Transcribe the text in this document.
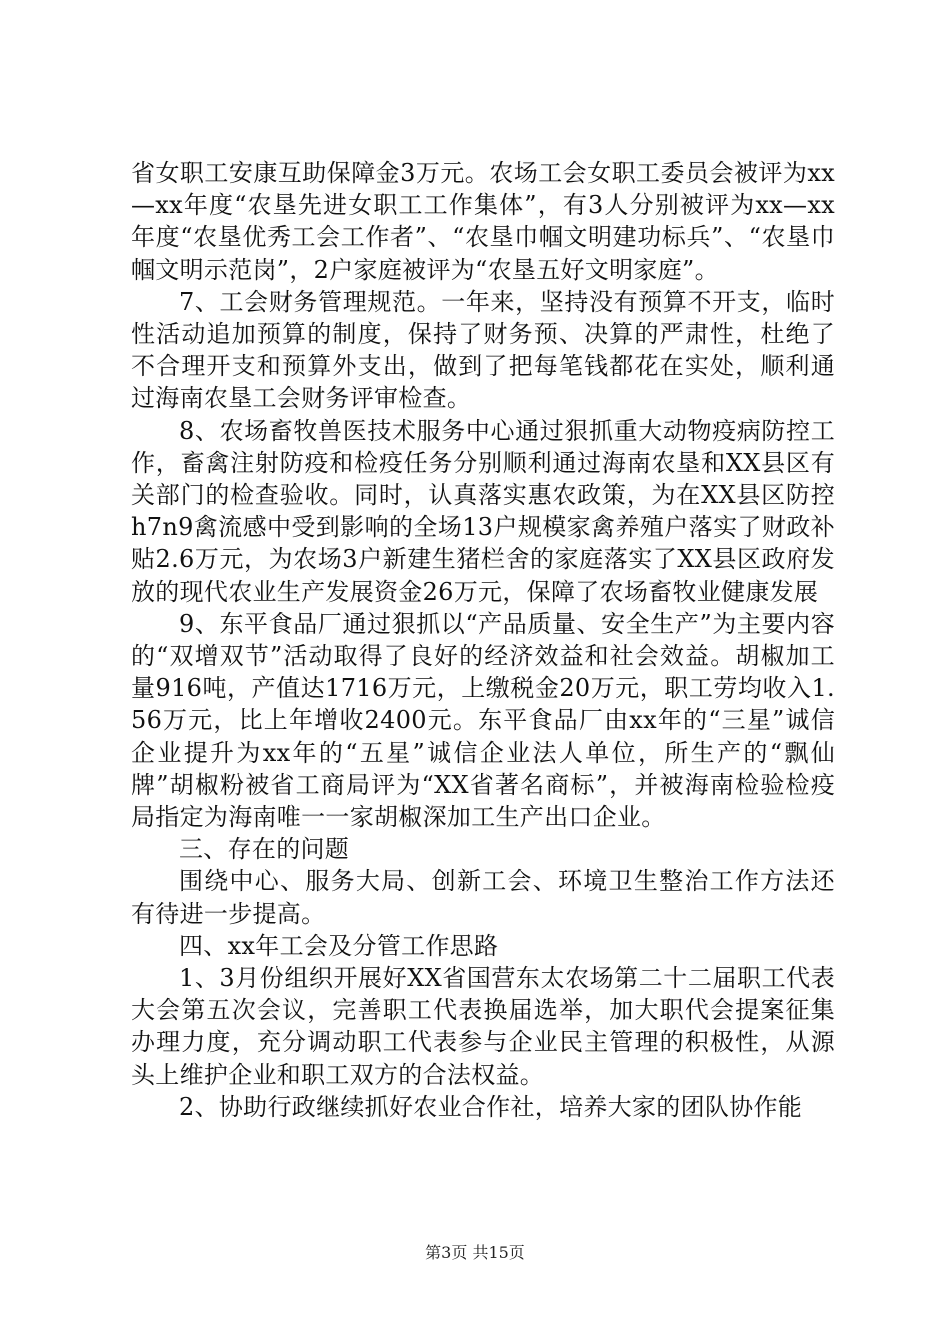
省女职工安康互助保障金3万元。农场工会女职工委员会被评为xx—xx年度“农垦先进女职工工作集体”，有3人分别被评为xx—xx年度“农垦优秀工会工作者”、“农垦巾帼文明建功标兵”、“农垦巾帼文明示范岗”，2户家庭被评为“农垦五好文明家庭”。

7、工会财务管理规范。一年来，坚持没有预算不开支，临时性活动追加预算的制度，保持了财务预、决算的严肃性，杜绝了不合理开支和预算外支出，做到了把每笔钱都花在实处，顺利通过海南农垦工会财务评审检查。

8、农场畜牧兽医技术服务中心通过狠抓重大动物疫病防控工作，畜禽注射防疫和检疫任务分别顺利通过海南农垦和XX县区有关部门的检查验收。同时，认真落实惠农政策，为在XX县区防控h7n9禽流感中受到影响的全场13户规模家禽养殖户落实了财政补贴2.6万元，为农场3户新建生猪栏舍的家庭落实了XX县区政府发放的现代农业生产发展资金26万元，保障了农场畜牧业健康发展

9、东平食品厂通过狠抓以“产品质量、安全生产”为主要内容的“双增双节”活动取得了良好的经济效益和社会效益。胡椒加工量916吨，产值达1716万元，上缴税金20万元，职工劳均收入1.56万元，比上年增收2400元。东平食品厂由xx年的“三星”诚信企业提升为xx年的“五星”诚信企业法人单位，所生产的“飘仙牌”胡椒粉被省工商局评为“XX省著名商标”，并被海南检验检疫局指定为海南唯一一家胡椒深加工生产出口企业。

三、存在的问题

围绕中心、服务大局、创新工会、环境卫生整治工作方法还有待进一步提高。

四、xx年工会及分管工作思路

1、3月份组织开展好XX省国营东太农场第二十二届职工代表大会第五次会议，完善职工代表换届选举，加大职代会提案征集办理力度，充分调动职工代表参与企业民主管理的积极性，从源头上维护企业和职工双方的合法权益。

2、协助行政继续抓好农业合作社，培养大家的团队协作能

第3页 共15页
